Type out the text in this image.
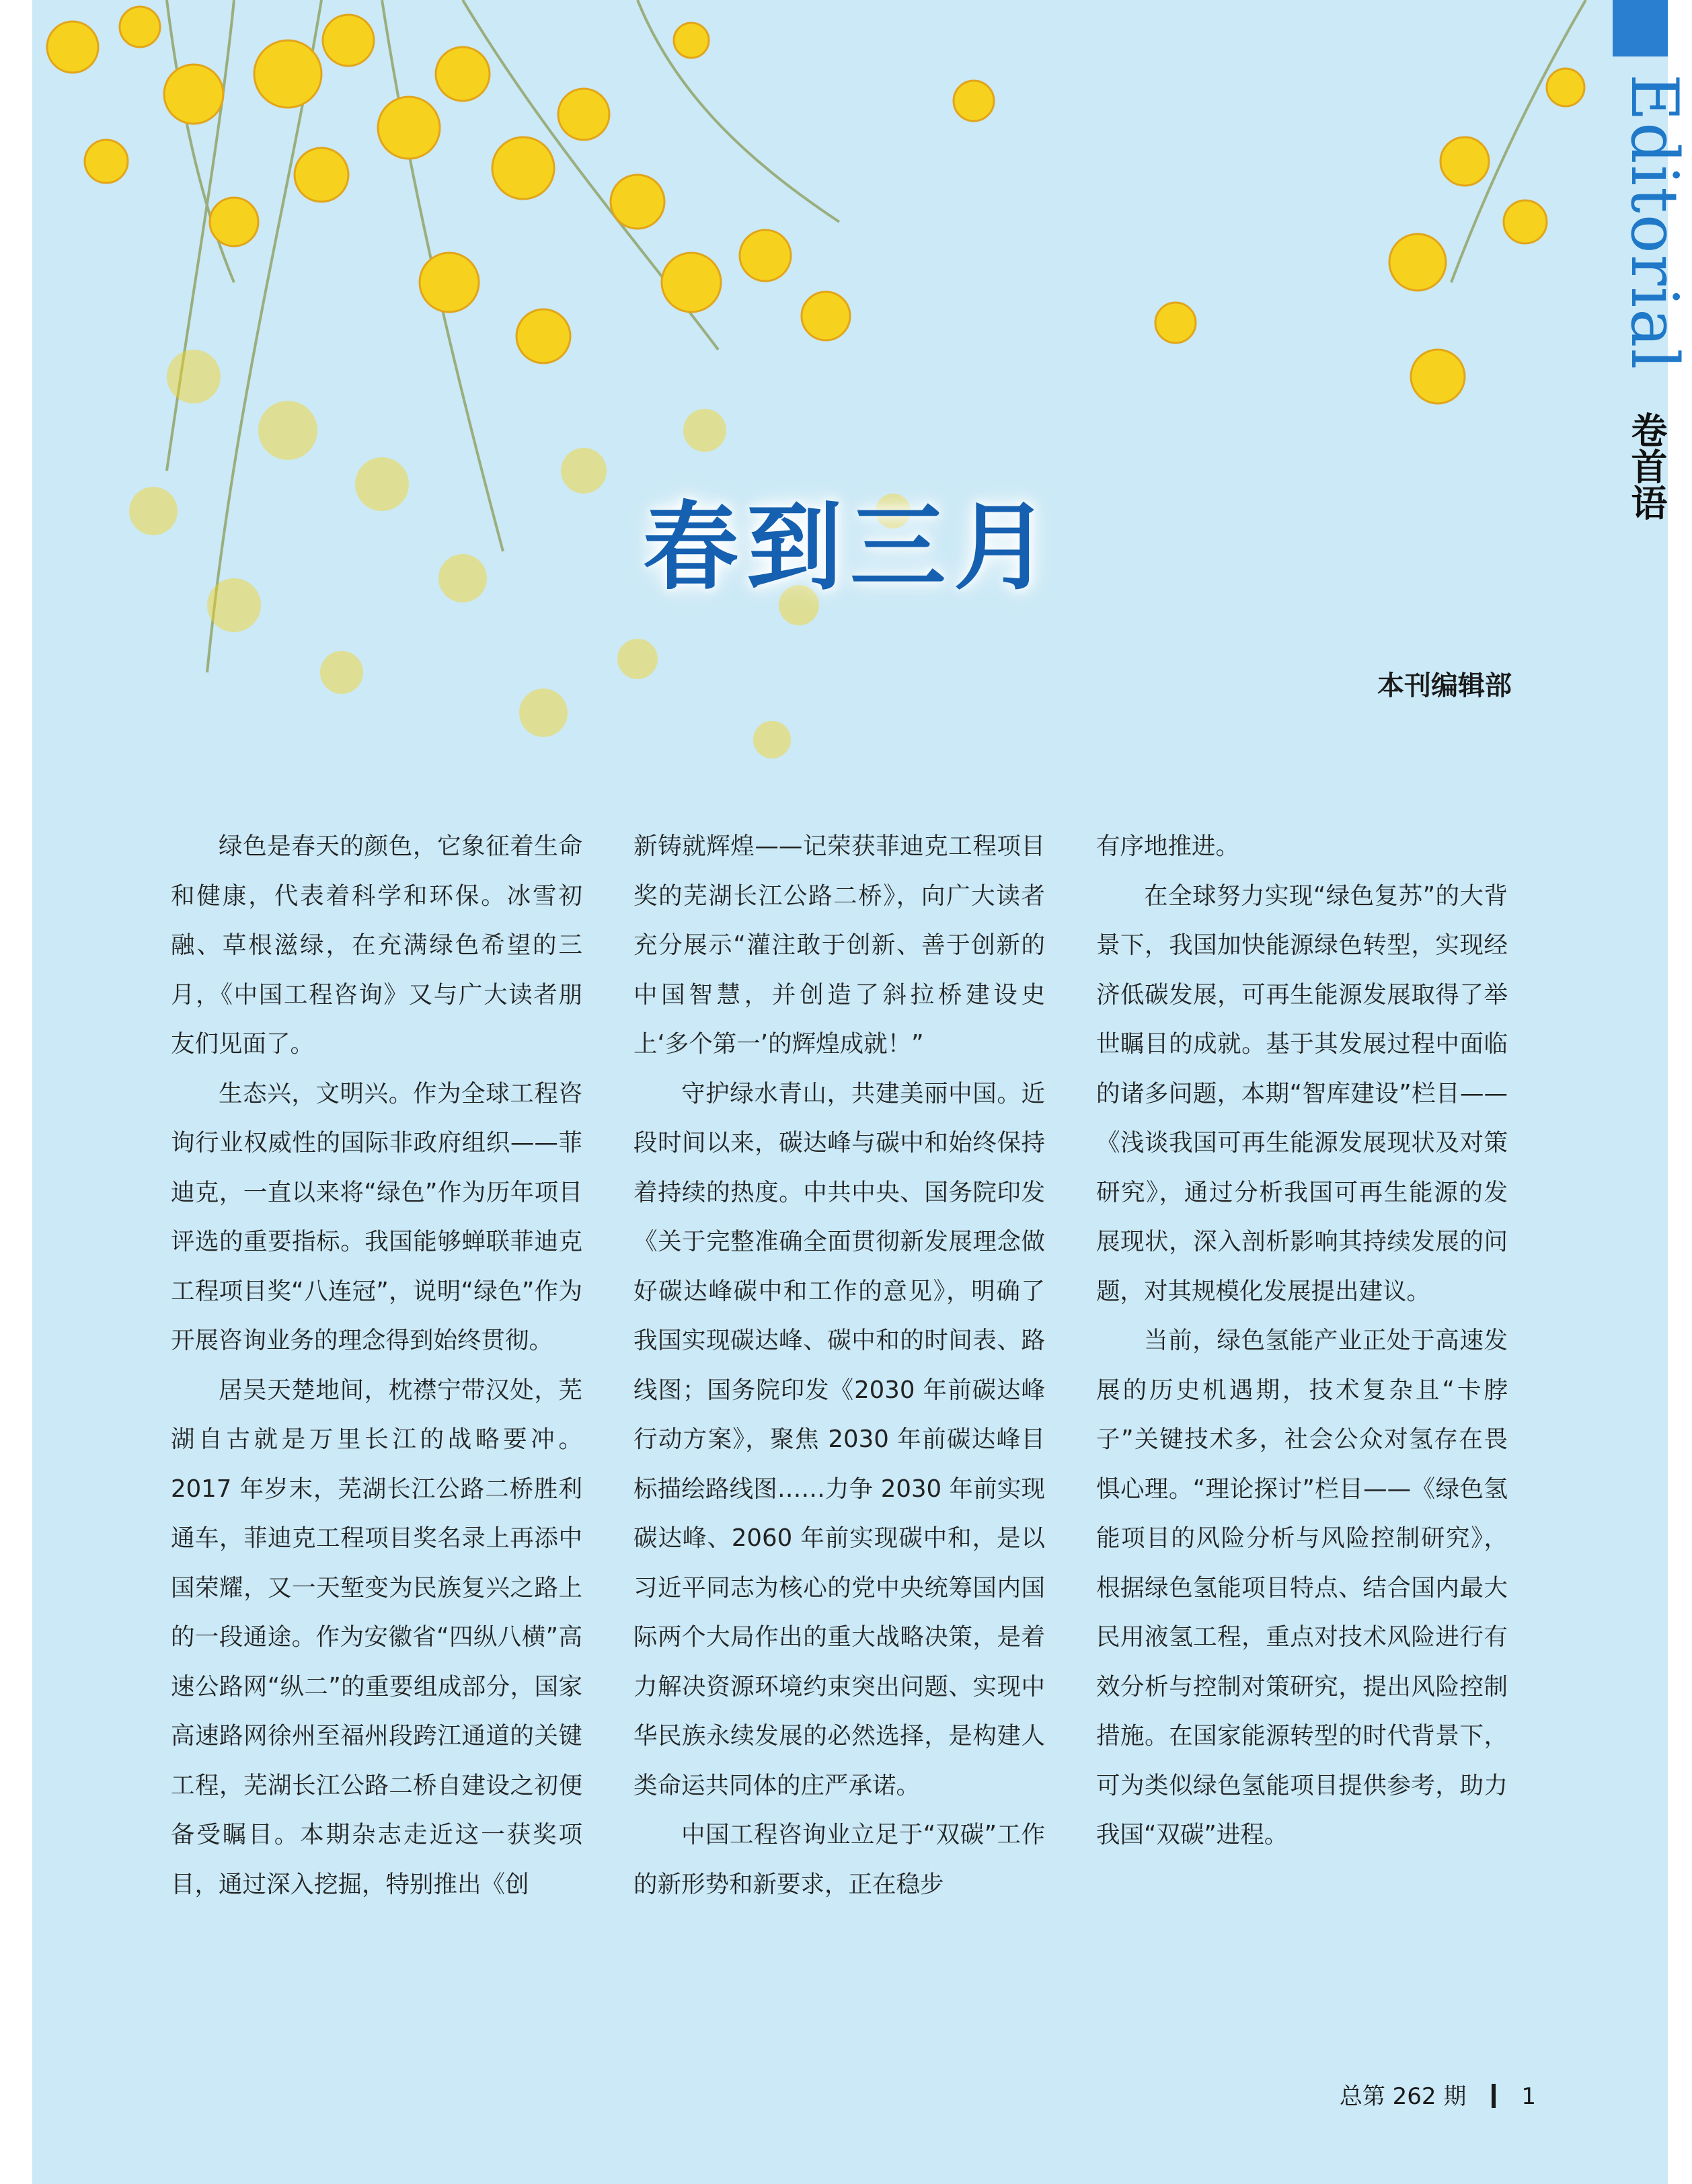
Editorial
卷首语
春到三月
本刊编辑部

绿色是春天的颜色，它象征着生命和健康，代表着科学和环保。冰雪初融、草根滋绿，在充满绿色希望的三月，《中国工程咨询》又与广大读者朋友们见面了。

生态兴，文明兴。作为全球工程咨询行业权威性的国际非政府组织——菲迪克，一直以来将“绿色”作为历年项目评选的重要指标。我国能够蝉联菲迪克工程项目奖“八连冠”，说明“绿色”作为开展咨询业务的理念得到始终贯彻。

居吴天楚地间，枕襟宁带汉处，芜湖自古就是万里长江的战略要冲。2017 年岁末，芜湖长江公路二桥胜利通车，菲迪克工程项目奖名录上再添中国荣耀，又一天堑变为民族复兴之路上的一段通途。作为安徽省“四纵八横”高速公路网“纵二”的重要组成部分，国家高速路网徐州至福州段跨江通道的关键工程，芜湖长江公路二桥自建设之初便备受瞩目。本期杂志走近这一获奖项目，通过深入挖掘，特别推出《创

新铸就辉煌——记荣获菲迪克工程项目奖的芜湖长江公路二桥》，向广大读者充分展示“灌注敢于创新、善于创新的中国智慧，并创造了斜拉桥建设史上‘多个第一’的辉煌成就！”

守护绿水青山，共建美丽中国。近段时间以来，碳达峰与碳中和始终保持着持续的热度。中共中央、国务院印发《关于完整准确全面贯彻新发展理念做好碳达峰碳中和工作的意见》，明确了我国实现碳达峰、碳中和的时间表、路线图；国务院印发《2030 年前碳达峰行动方案》，聚焦 2030 年前碳达峰目标描绘路线图……力争 2030 年前实现碳达峰、2060 年前实现碳中和，是以习近平同志为核心的党中央统筹国内国际两个大局作出的重大战略决策，是着力解决资源环境约束突出问题、实现中华民族永续发展的必然选择，是构建人类命运共同体的庄严承诺。

中国工程咨询业立足于“双碳”工作的新形势和新要求，正在稳步

有序地推进。

在全球努力实现“绿色复苏”的大背景下，我国加快能源绿色转型，实现经济低碳发展，可再生能源发展取得了举世瞩目的成就。基于其发展过程中面临的诸多问题，本期“智库建设”栏目——《浅谈我国可再生能源发展现状及对策研究》，通过分析我国可再生能源的发展现状，深入剖析影响其持续发展的问题，对其规模化发展提出建议。

当前，绿色氢能产业正处于高速发展的历史机遇期，技术复杂且“卡脖子”关键技术多，社会公众对氢存在畏惧心理。“理论探讨”栏目——《绿色氢能项目的风险分析与风险控制研究》，根据绿色氢能项目特点、结合国内最大民用液氢工程，重点对技术风险进行有效分析与控制对策研究，提出风险控制措施。在国家能源转型的时代背景下，可为类似绿色氢能项目提供参考，助力我国“双碳”进程。

总第 262 期 1
